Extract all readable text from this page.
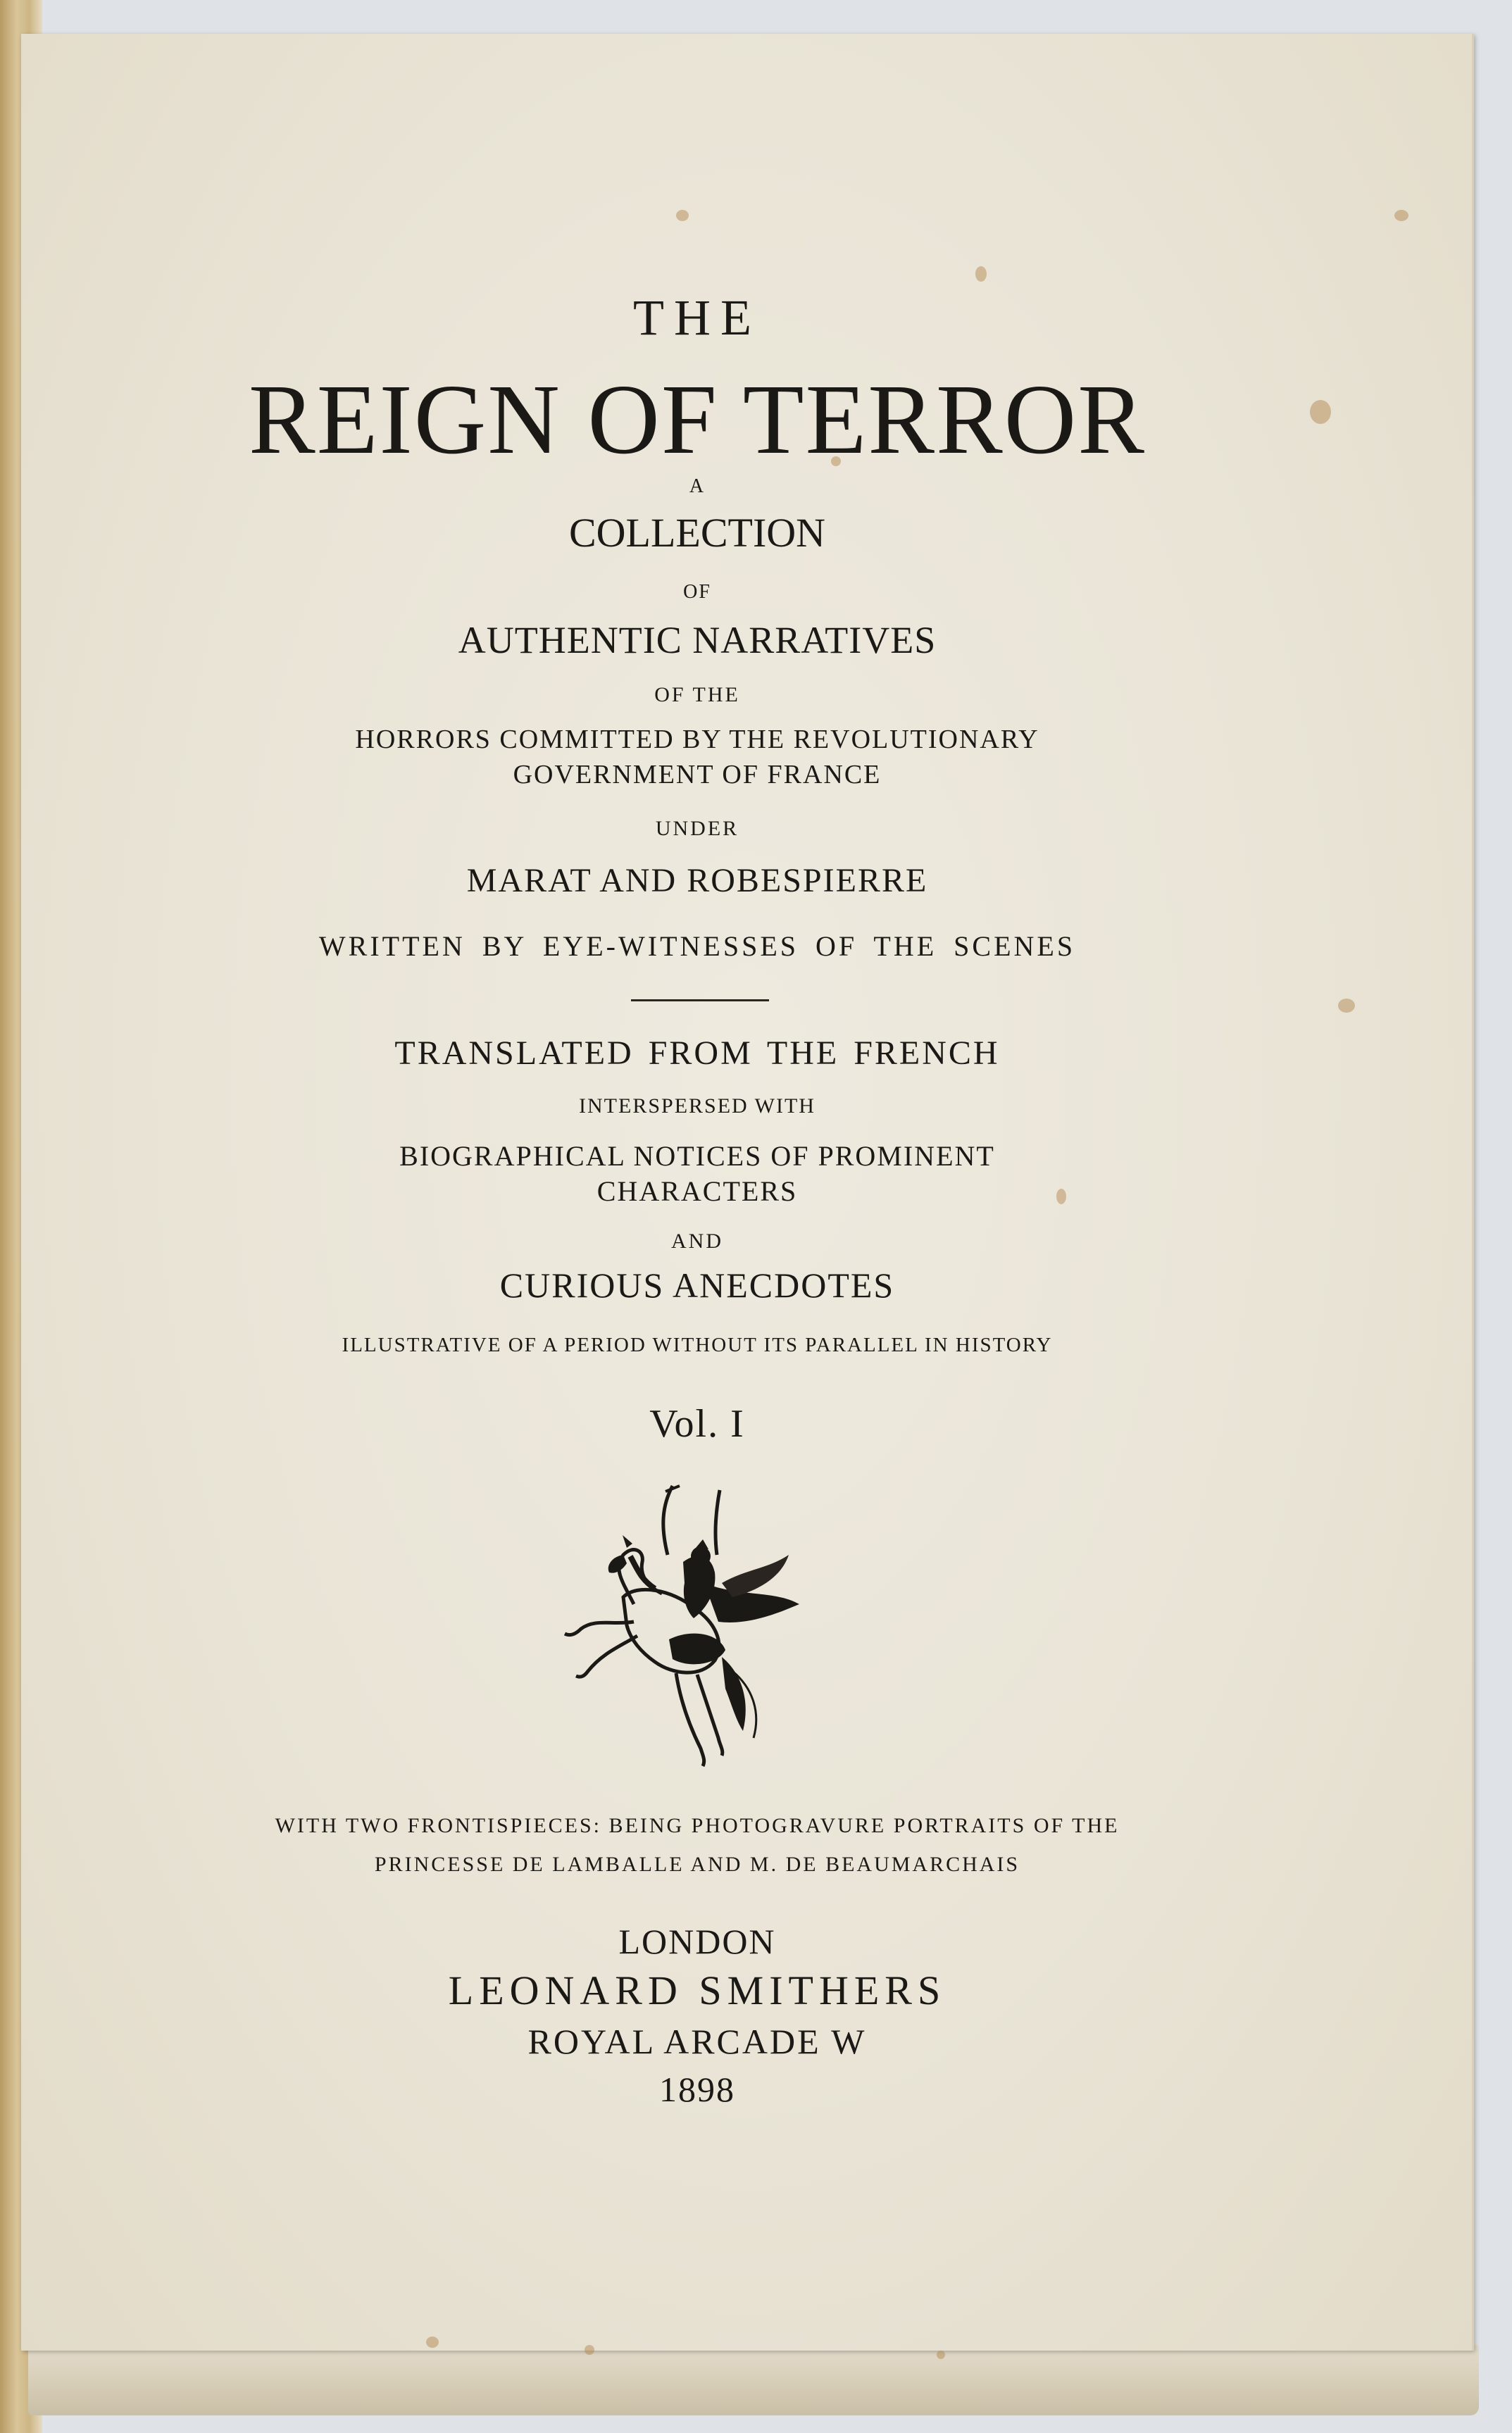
THE

REIGN OF TERROR

A

COLLECTION

OF

AUTHENTIC NARRATIVES

OF THE

HORRORS COMMITTED BY THE REVOLUTIONARY

GOVERNMENT OF FRANCE

UNDER

MARAT AND ROBESPIERRE

WRITTEN BY EYE-WITNESSES OF THE SCENES

TRANSLATED FROM THE FRENCH

INTERSPERSED WITH

BIOGRAPHICAL NOTICES OF PROMINENT

CHARACTERS

AND

CURIOUS ANECDOTES

ILLUSTRATIVE OF A PERIOD WITHOUT ITS PARALLEL IN HISTORY

Vol. I

WITH TWO FRONTISPIECES: BEING PHOTOGRAVURE PORTRAITS OF THE

PRINCESSE DE LAMBALLE AND M. DE BEAUMARCHAIS

LONDON

LEONARD SMITHERS

ROYAL ARCADE W

1898
